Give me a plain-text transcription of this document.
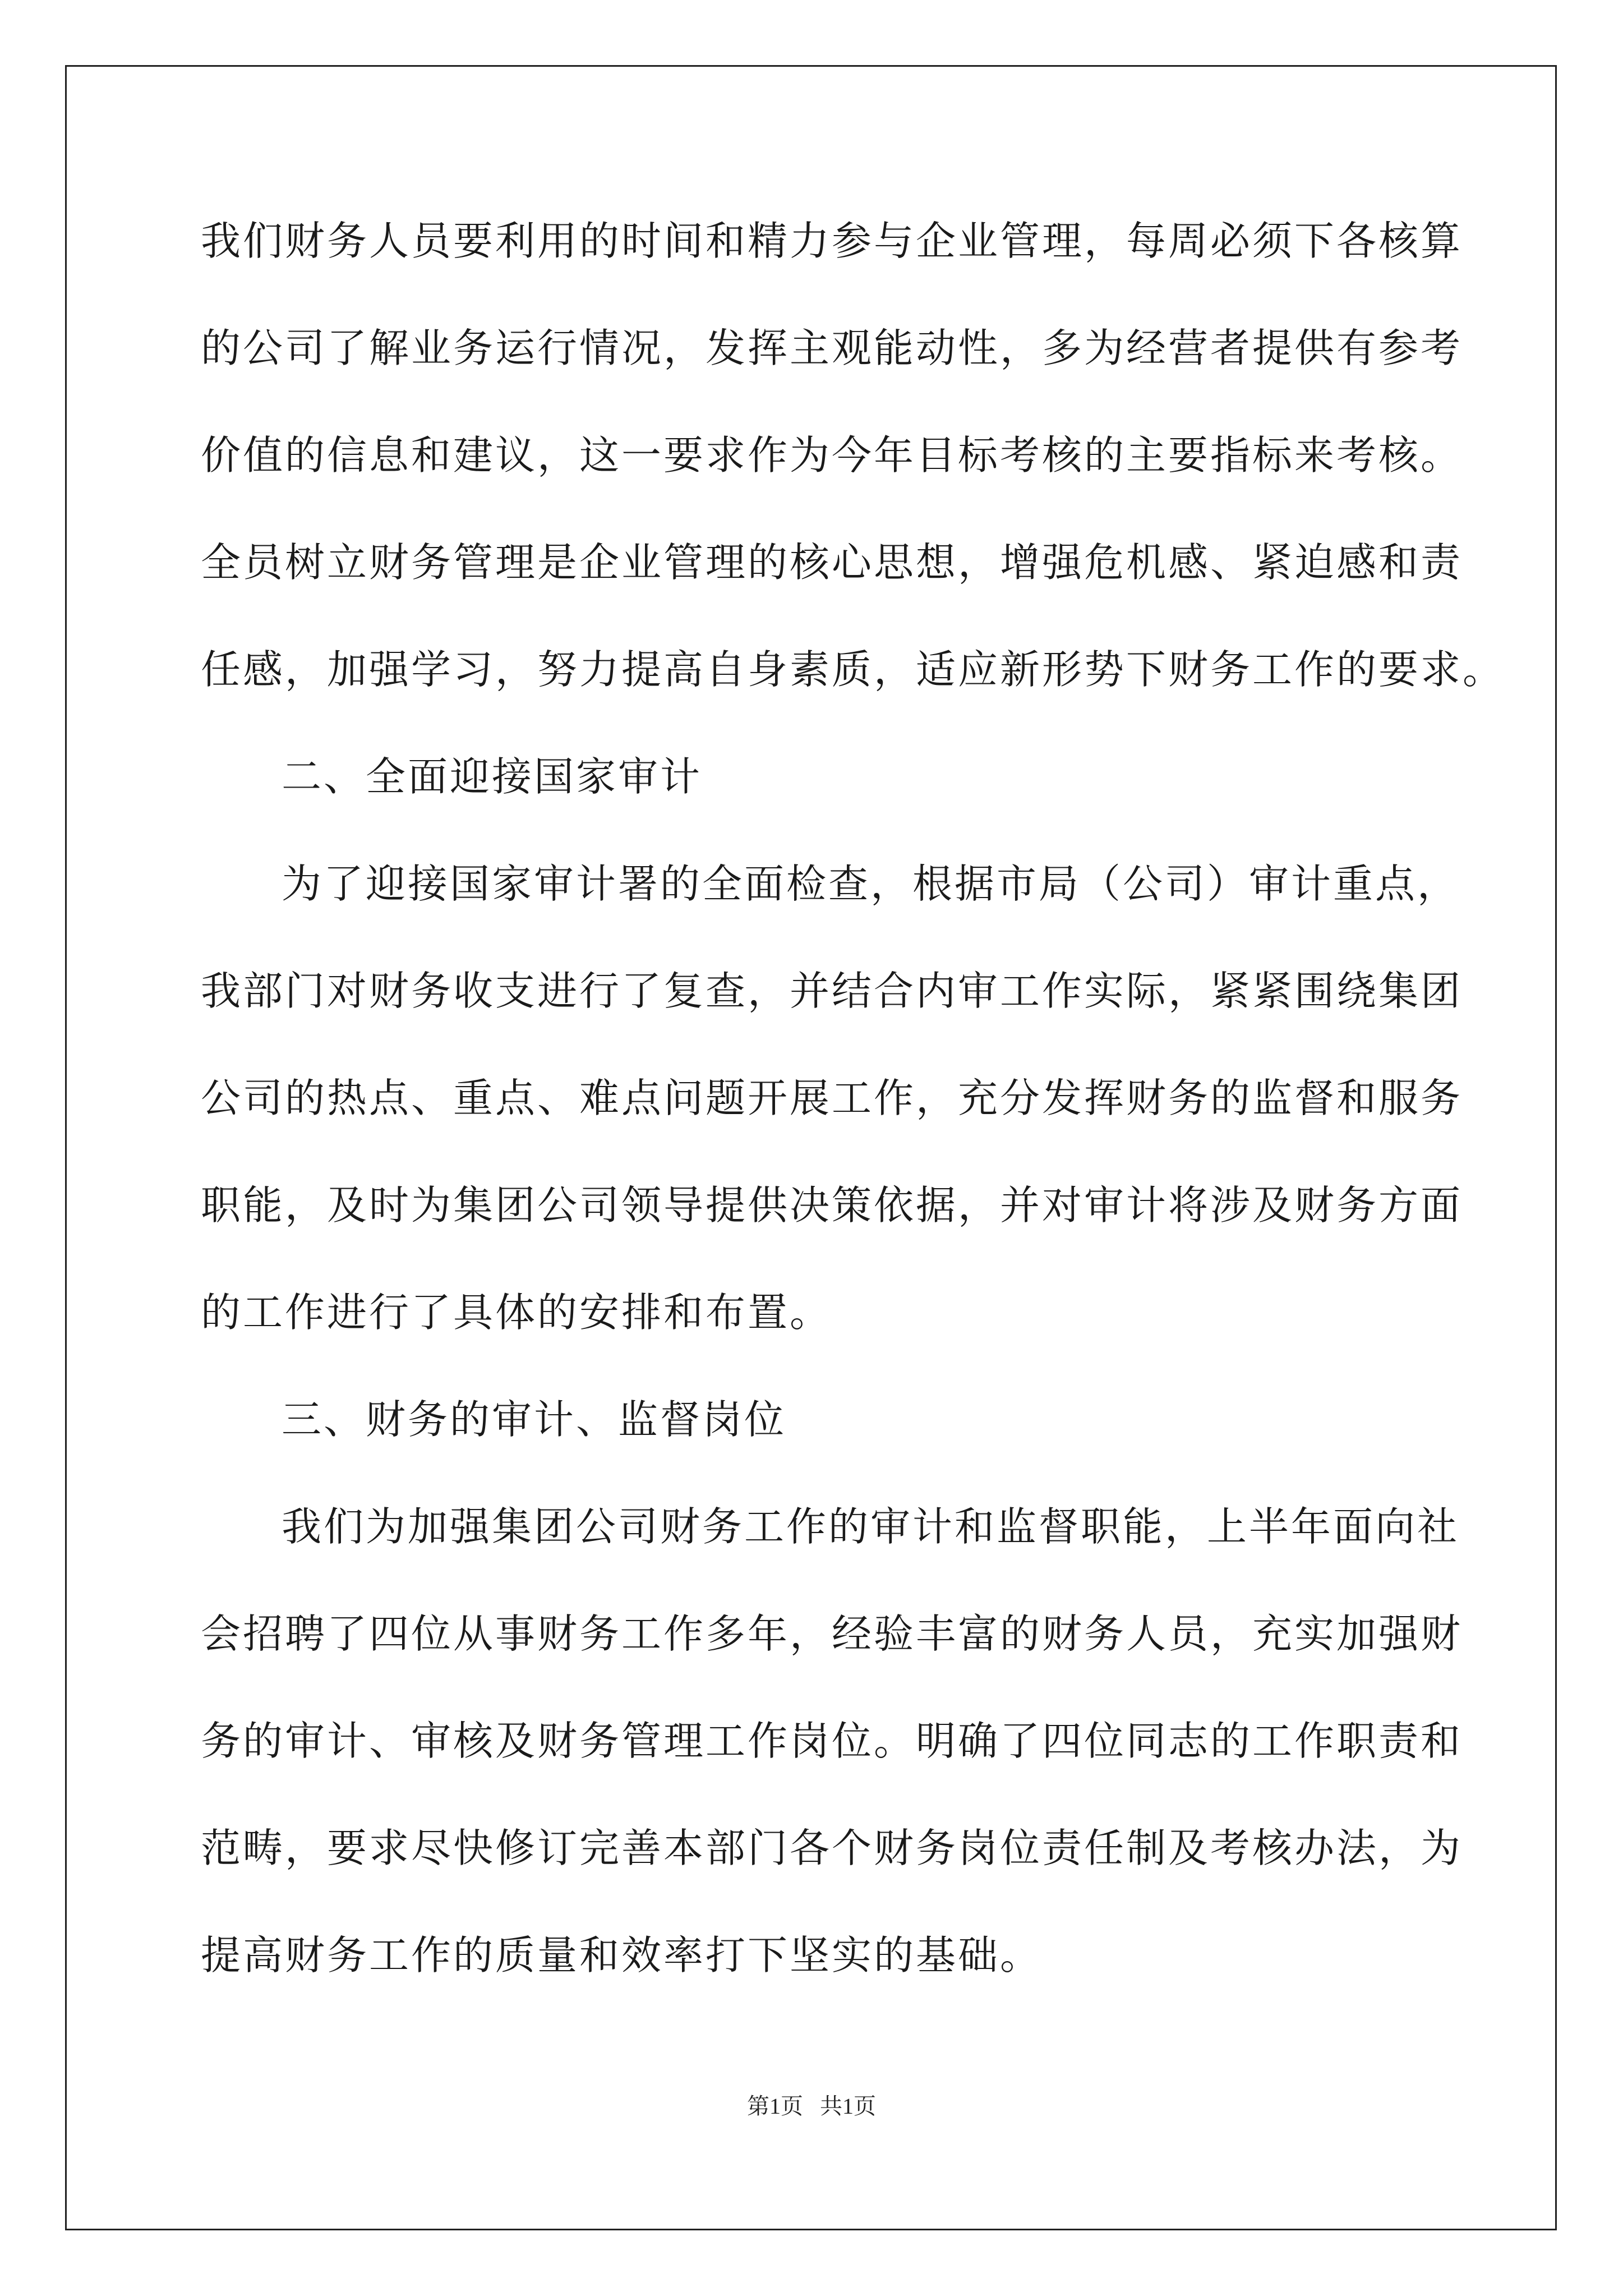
我们财务人员要利用的时间和精力参与企业管理，每周必须下各核算
的公司了解业务运行情况，发挥主观能动性，多为经营者提供有参考
价值的信息和建议，这一要求作为今年目标考核的主要指标来考核。
全员树立财务管理是企业管理的核心思想，增强危机感、紧迫感和责
任感，加强学习，努力提高自身素质，适应新形势下财务工作的要求。
二、全面迎接国家审计
为了迎接国家审计署的全面检查，根据市局（公司）审计重点，
我部门对财务收支进行了复查，并结合内审工作实际，紧紧围绕集团
公司的热点、重点、难点问题开展工作，充分发挥财务的监督和服务
职能，及时为集团公司领导提供决策依据，并对审计将涉及财务方面
的工作进行了具体的安排和布置。
三、财务的审计、监督岗位
我们为加强集团公司财务工作的审计和监督职能，上半年面向社
会招聘了四位从事财务工作多年，经验丰富的财务人员，充实加强财
务的审计、审核及财务管理工作岗位。明确了四位同志的工作职责和
范畴，要求尽快修订完善本部门各个财务岗位责任制及考核办法，为
提高财务工作的质量和效率打下坚实的基础。
第1页 共1页
